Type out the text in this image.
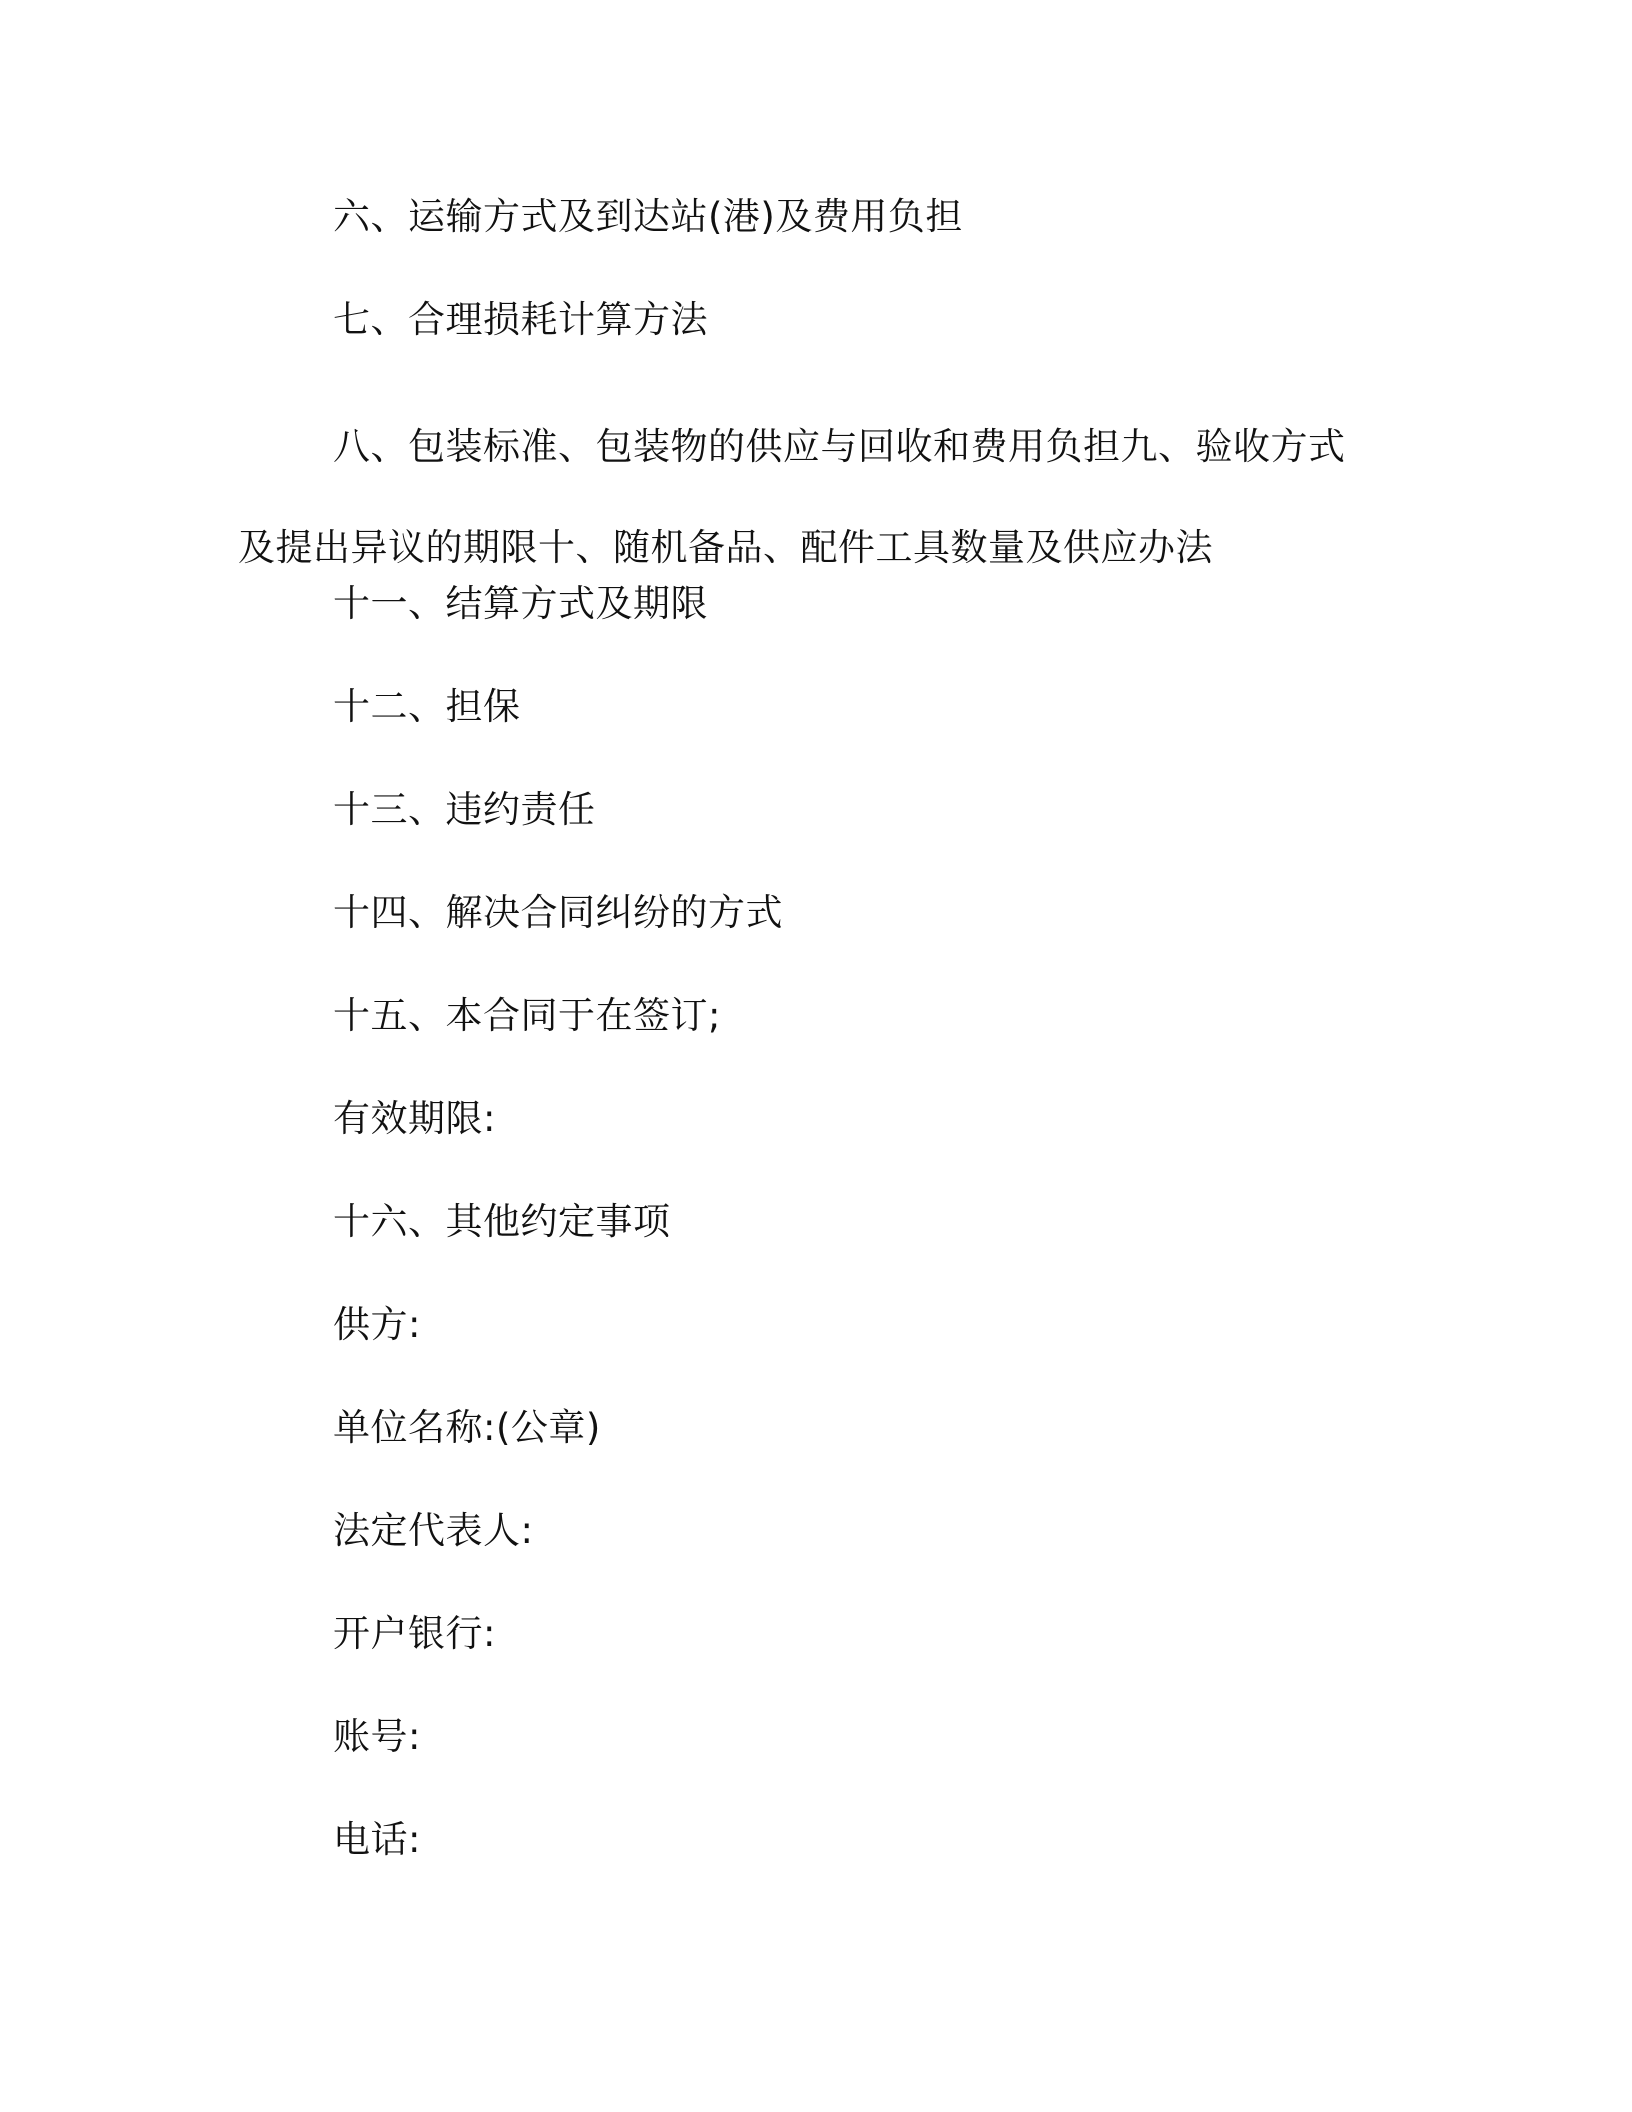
六、运输方式及到达站(港)及费用负担
七、合理损耗计算方法
八、包装标准、包装物的供应与回收和费用负担九、验收方式及提出异议的期限十、随机备品、配件工具数量及供应办法
十一、结算方式及期限
十二、担保
十三、违约责任
十四、解决合同纠纷的方式
十五、本合同于在签订;
有效期限:
十六、其他约定事项
供方:
单位名称:(公章)
法定代表人:
开户银行:
账号:
电话:
